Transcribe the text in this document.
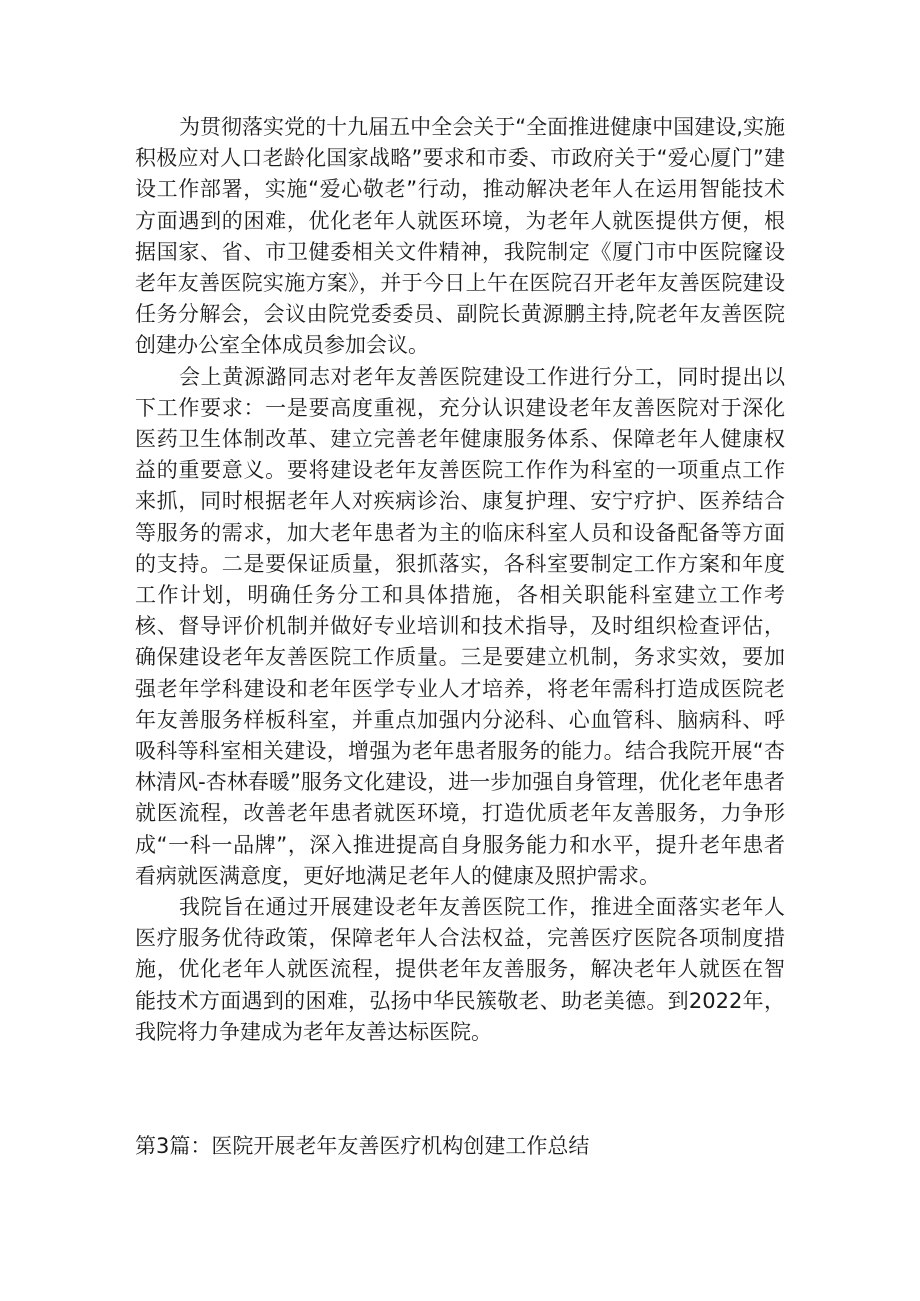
为贯彻落实党的十九届五中全会关于“全面推进健康中国建设,实施积极应对人口老龄化国家战略”要求和市委、市政府关于“爱心厦门”建设工作部署，实施“爱心敬老”行动，推动解决老年人在运用智能技术方面遇到的困难，优化老年人就医环境，为老年人就医提供方便，根据国家、省、市卫健委相关文件精神，我院制定《厦门市中医院窿设老年友善医院实施方案》，并于今日上午在医院召开老年友善医院建设任务分解会，会议由院党委委员、副院长黄源鹏主持,院老年友善医院创建办公室全体成员参加会议。

会上黄源潞同志对老年友善医院建设工作进行分工，同时提出以下工作要求：一是要高度重视，充分认识建设老年友善医院对于深化医药卫生体制改革、建立完善老年健康服务体系、保障老年人健康权益的重要意义。要将建设老年友善医院工作作为科室的一项重点工作来抓，同时根据老年人对疾病诊治、康复护理、安宁疗护、医养结合等服务的需求，加大老年患者为主的临床科室人员和设备配备等方面的支持。二是要保证质量，狠抓落实，各科室要制定工作方案和年度工作计划，明确任务分工和具体措施，各相关职能科室建立工作考核、督导评价机制并做好专业培训和技术指导，及时组织检查评估，确保建设老年友善医院工作质量。三是要建立机制，务求实效，要加强老年学科建设和老年医学专业人才培养，将老年需科打造成医院老年友善服务样板科室，并重点加强内分泌科、心血管科、脑病科、呼吸科等科室相关建设，增强为老年患者服务的能力。结合我院开展“杏林清风-杏林春暖”服务文化建设，进一步加强自身管理，优化老年患者就医流程，改善老年患者就医环境，打造优质老年友善服务，力争形成“一科一品牌”，深入推进提高自身服务能力和水平，提升老年患者看病就医满意度，更好地满足老年人的健康及照护需求。

我院旨在通过开展建设老年友善医院工作，推进全面落实老年人医疗服务优待政策，保障老年人合法权益，完善医疗医院各项制度措施，优化老年人就医流程，提供老年友善服务，解决老年人就医在智能技术方面遇到的困难，弘扬中华民簇敬老、助老美德。到2022年，我院将力争建成为老年友善达标医院。

第3篇：医院开展老年友善医疗机构创建工作总结
